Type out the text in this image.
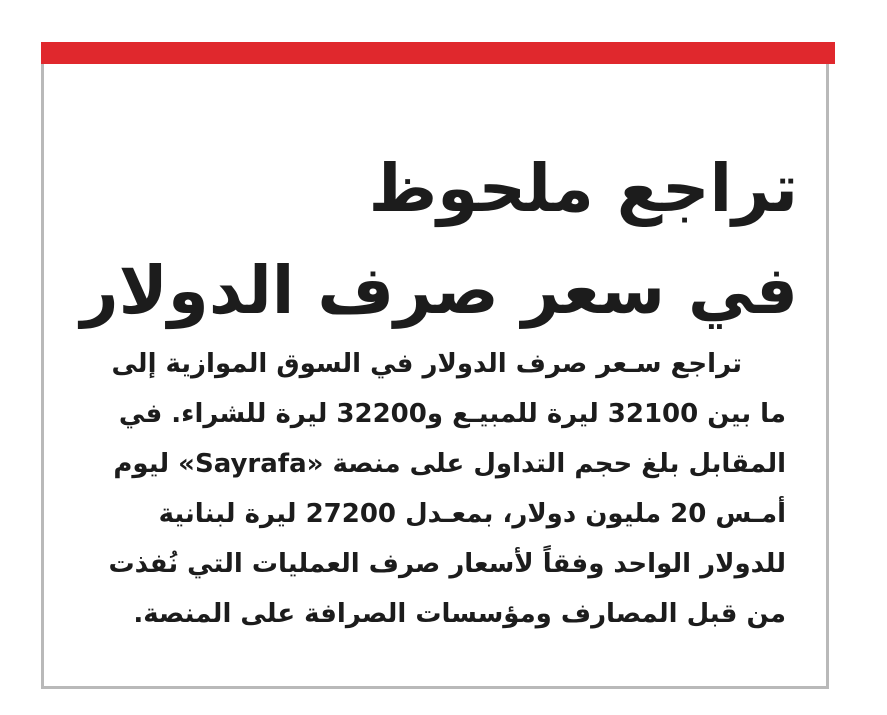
تراجع ملحوظ
في سعر صرف الدولار

تراجع سـعر صرف الدولار في السوق الموازية إلى
ما بين 32100 ليرة للمبيـع و32200 ليرة للشراء. في
المقابل بلغ حجم التداول على منصة «Sayrafa» ليوم
أمـس 20 مليون دولار، بمعـدل 27200 ليرة لبنانية
للدولار الواحد وفقاً لأسعار صرف العمليات التي نُفذت
من قبل المصارف ومؤسسات الصرافة على المنصة.
